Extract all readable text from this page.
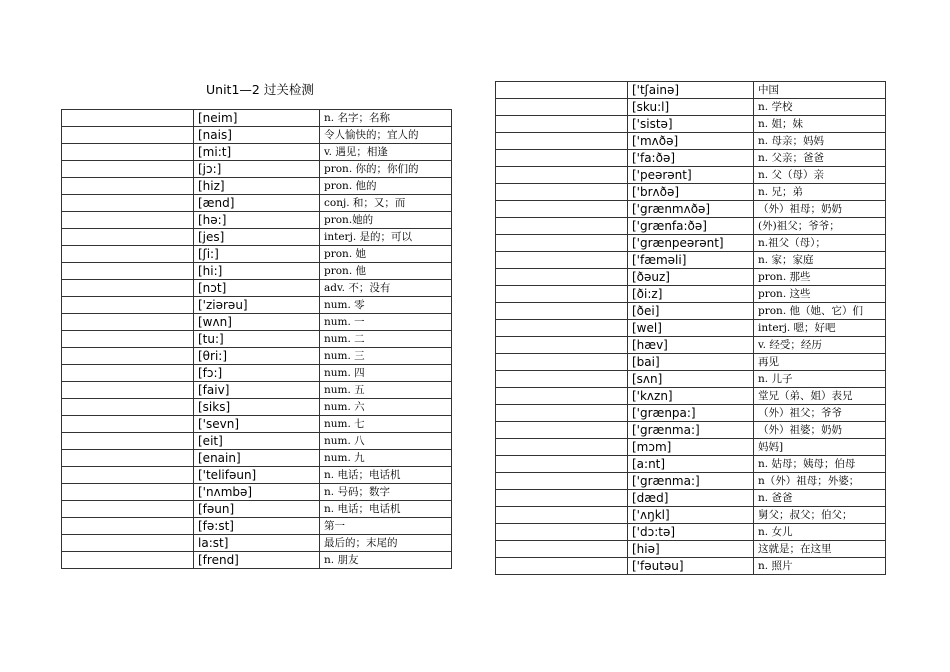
Unit1—2 过关检测
	[neim]	n. 名字；名称
	[nais]	令人愉快的；宜人的
	[mi:t]	v. 遇见；相逢
	[jɔ:]	pron. 你的；你们的
	[hiz]	pron. 他的
	[ænd]	conj. 和；又；而
	[hə:]	pron.她的
	[jes]	interj. 是的；可以
	[ʃi:]	pron. 她
	[hi:]	pron. 他
	[nɔt]	adv. 不；没有
	['ziərəu]	num. 零
	[wʌn]	num. 一
	[tu:]	num. 二
	[θri:]	num. 三
	[fɔ:]	num. 四
	[faiv]	num. 五
	[siks]	num. 六
	['sevn]	num. 七
	[eit]	num. 八
	[enain]	num. 九
	['telifəun]	n. 电话；电话机
	['nʌmbə]	n. 号码；数字
	[fəun]	n. 电话；电话机
	[fə:st]	第一
	la:st]	最后的；末尾的
	[frend]	n. 朋友
	['tʃainə]	中国
	[sku:l]	n. 学校
	['sistə]	n. 姐；妹
	['mʌðə]	n. 母亲；妈妈
	['fa:ðə]	n. 父亲；爸爸
	['peərənt]	n. 父（母）亲
	['brʌðə]	n. 兄；弟
	['grænmʌðə]	（外）祖母；奶奶
	['grænfa:ðə]	(外)祖父；爷爷；
	['grænpeərənt]	n.祖父（母）；
	['fæməli]	n. 家；家庭
	[ðəuz]	pron. 那些
	[ði:z]	pron. 这些
	[ðei]	pron. 他（她、它）们
	[wel]	interj. 嗯；好吧
	[hæv]	v. 经受；经历
	[bai]	再见
	[sʌn]	n. 儿子
	['kʌzn]	堂兄（弟、姐）表兄
	['grænpa:]	（外）祖父；爷爷
	['grænma:]	（外）祖婆；奶奶
	[mɔm]	妈妈]
	[a:nt]	n. 姑母；姨母；伯母
	['grænma:]	n（外）祖母；外婆；
	[dæd]	n. 爸爸
	['ʌŋkl]	舅父；叔父；伯父；
	['dɔ:tə]	n. 女儿
	[hiə]	这就是；在这里
	['fəutəu]	n. 照片
